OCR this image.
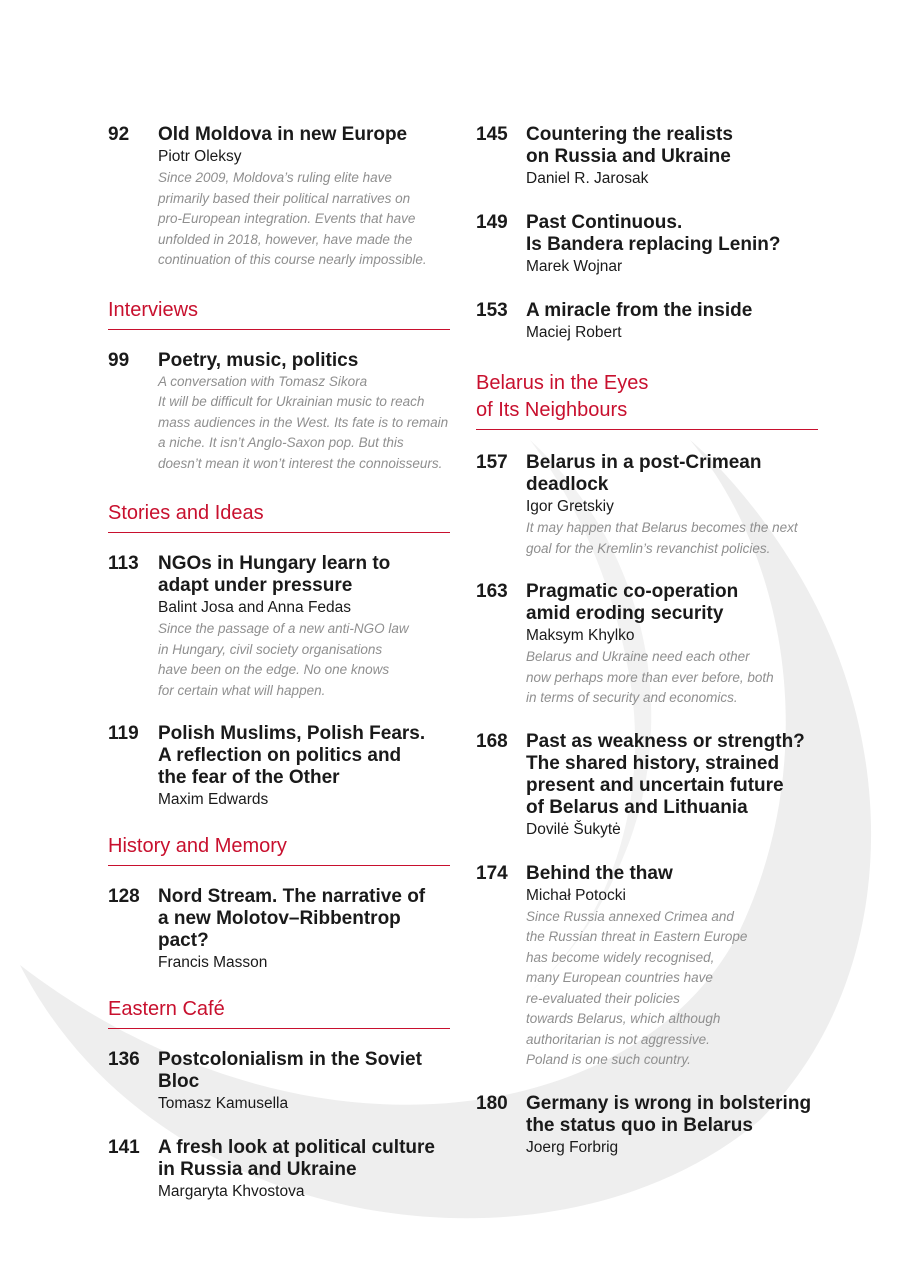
92	Old Moldova in new Europe
Piotr Oleksy
Since 2009, Moldova’s ruling elite have
primarily based their political narratives on
pro-European integration. Events that have
unfolded in 2018, however, have made the
continuation of this course nearly impossible.
Interviews
99	Poetry, music, politics
A conversation with Tomasz Sikora
It will be difficult for Ukrainian music to reach
mass audiences in the West. Its fate is to remain
a niche. It isn’t Anglo-Saxon pop. But this
doesn’t mean it won’t interest the connoisseurs.
Stories and Ideas
113	NGOs in Hungary learn to
adapt under pressure
Balint Josa and Anna Fedas
Since the passage of a new anti-NGO law
in Hungary, civil society organisations
have been on the edge. No one knows
for certain what will happen.
119	Polish Muslims, Polish Fears.
A reflection on politics and
the fear of the Other
Maxim Edwards
History and Memory
128 Nord Stream. The narrative of
a new Molotov–Ribbentrop pact?
Francis Masson
Eastern Café
136 Postcolonialism in the Soviet Bloc
Tomasz Kamusella
141 A fresh look at political culture
in Russia and Ukraine
Margaryta Khvostova
145 Countering the realists
on Russia and Ukraine
Daniel R. Jarosak
149 Past Continuous.
Is Bandera replacing Lenin?
Marek Wojnar
153 A miracle from the inside
Maciej Robert
Belarus in the Eyes
of Its Neighbours
157 Belarus in a post-Crimean
deadlock
Igor Gretskiy
It may happen that Belarus becomes the next
goal for the Kremlin’s revanchist policies.
163 Pragmatic co-operation
amid eroding security
Maksym Khylko
Belarus and Ukraine need each other
now perhaps more than ever before, both
in terms of security and economics.
168 Past as weakness or strength?
The shared history, strained
present and uncertain future
of Belarus and Lithuania
Dovilė Šukytė
174 Behind the thaw
Michał Potocki
Since Russia annexed Crimea and
the Russian threat in Eastern Europe
has become widely recognised,
many European countries have
re-evaluated their policies
towards Belarus, which although
authoritarian is not aggressive.
Poland is one such country.
180 Germany is wrong in bolstering
the status quo in Belarus
Joerg Forbrig
